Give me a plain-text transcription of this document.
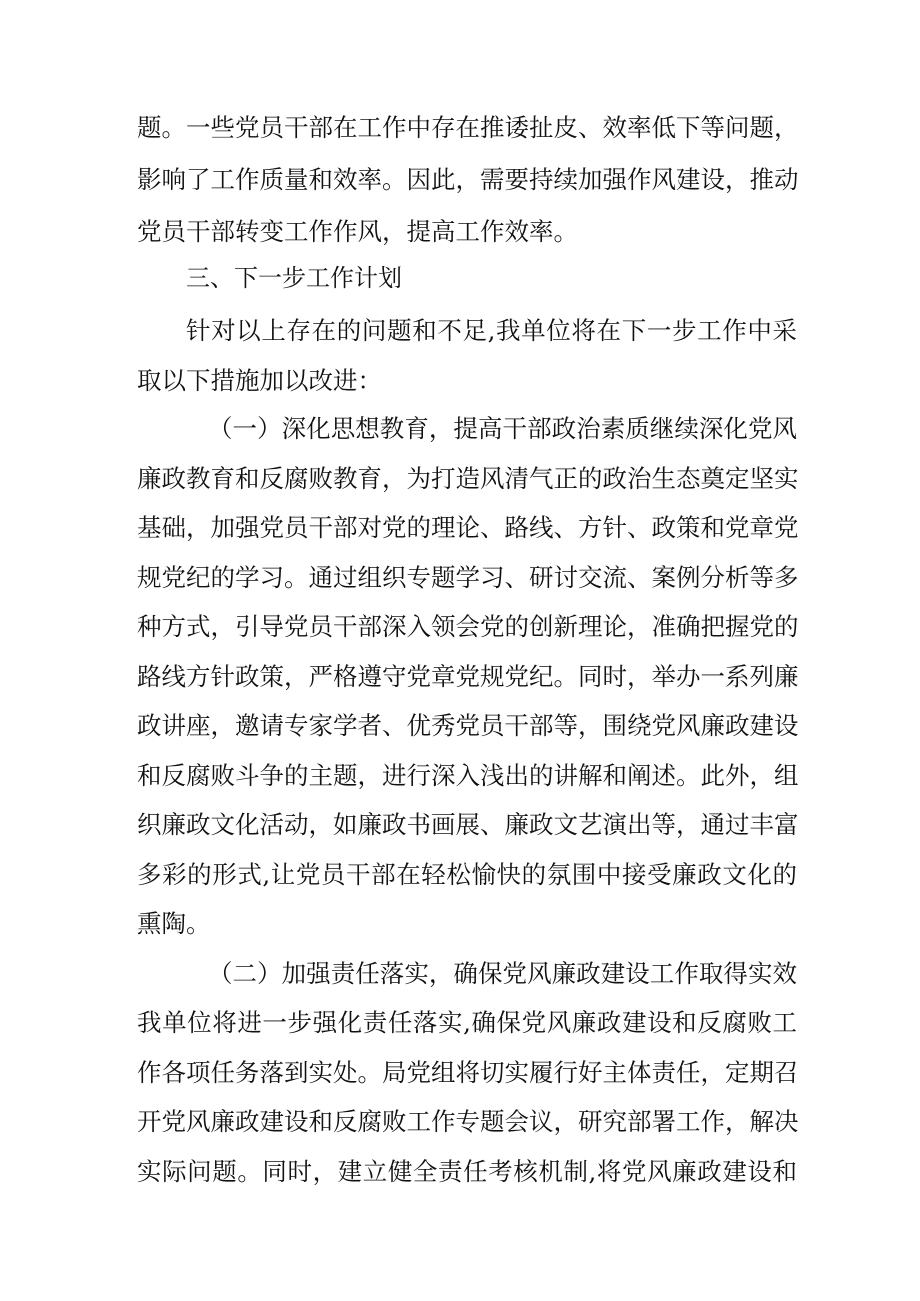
题。一些党员干部在工作中存在推诿扯皮、效率低下等问题，
影响了工作质量和效率。因此，需要持续加强作风建设，推动
党员干部转变工作作风，提高工作效率。
三、下一步工作计划
针对以上存在的问题和不足,我单位将在下一步工作中采
取以下措施加以改进：
（一）深化思想教育，提高干部政治素质继续深化党风
廉政教育和反腐败教育，为打造风清气正的政治生态奠定坚实
基础，加强党员干部对党的理论、路线、方针、政策和党章党
规党纪的学习。通过组织专题学习、研讨交流、案例分析等多
种方式，引导党员干部深入领会党的创新理论，准确把握党的
路线方针政策，严格遵守党章党规党纪。同时，举办一系列廉
政讲座，邀请专家学者、优秀党员干部等，围绕党风廉政建设
和反腐败斗争的主题，进行深入浅出的讲解和阐述。此外，组
织廉政文化活动，如廉政书画展、廉政文艺演出等，通过丰富
多彩的形式,让党员干部在轻松愉快的氛围中接受廉政文化的
熏陶。
（二）加强责任落实，确保党风廉政建设工作取得实效
我单位将进一步强化责任落实,确保党风廉政建设和反腐败工
作各项任务落到实处。局党组将切实履行好主体责任，定期召
开党风廉政建设和反腐败工作专题会议，研究部署工作，解决
实际问题。同时，建立健全责任考核机制,将党风廉政建设和
